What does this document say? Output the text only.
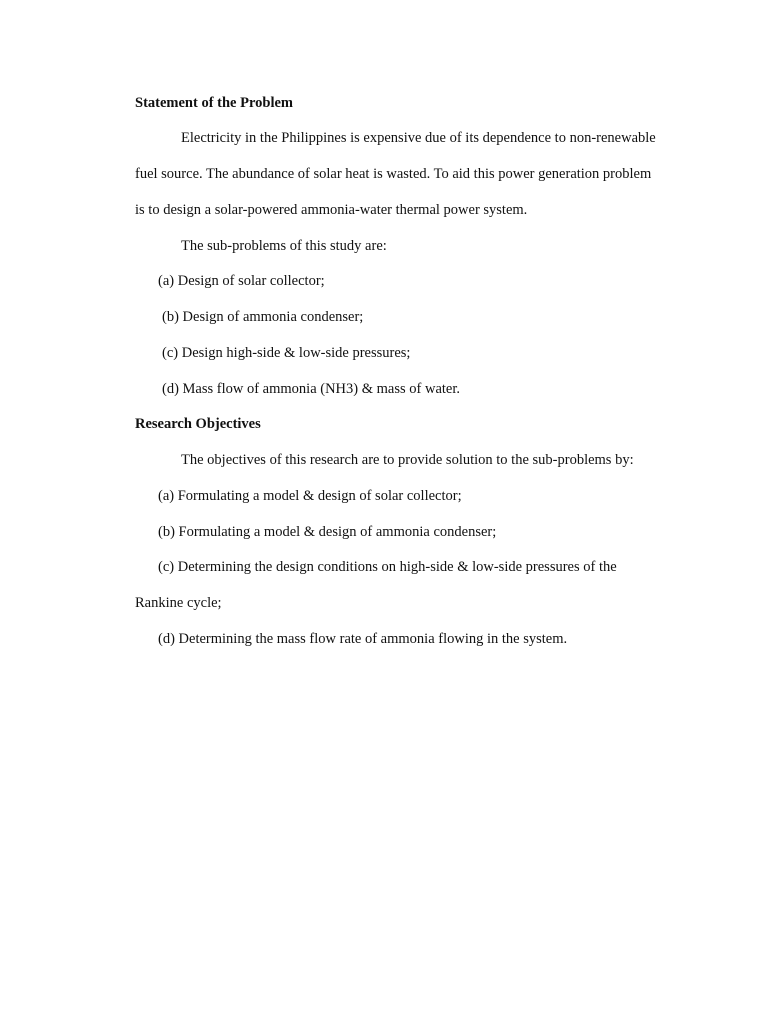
Statement of the Problem
Electricity in the Philippines is expensive due of its dependence to non-renewable
fuel source. The abundance of solar heat is wasted. To aid this power generation problem
is to design a solar-powered ammonia-water thermal power system.
The sub-problems of this study are:
(a) Design of solar collector;
(b) Design of ammonia condenser;
(c) Design high-side & low-side pressures;
(d) Mass flow of ammonia (NH3) & mass of water.
Research Objectives
The objectives of this research are to provide solution to the sub-problems by:
(a) Formulating a model & design of solar collector;
(b) Formulating a model & design of ammonia condenser;
(c) Determining the design conditions on high-side & low-side pressures of the
Rankine cycle;
(d) Determining the mass flow rate of ammonia flowing in the system.
